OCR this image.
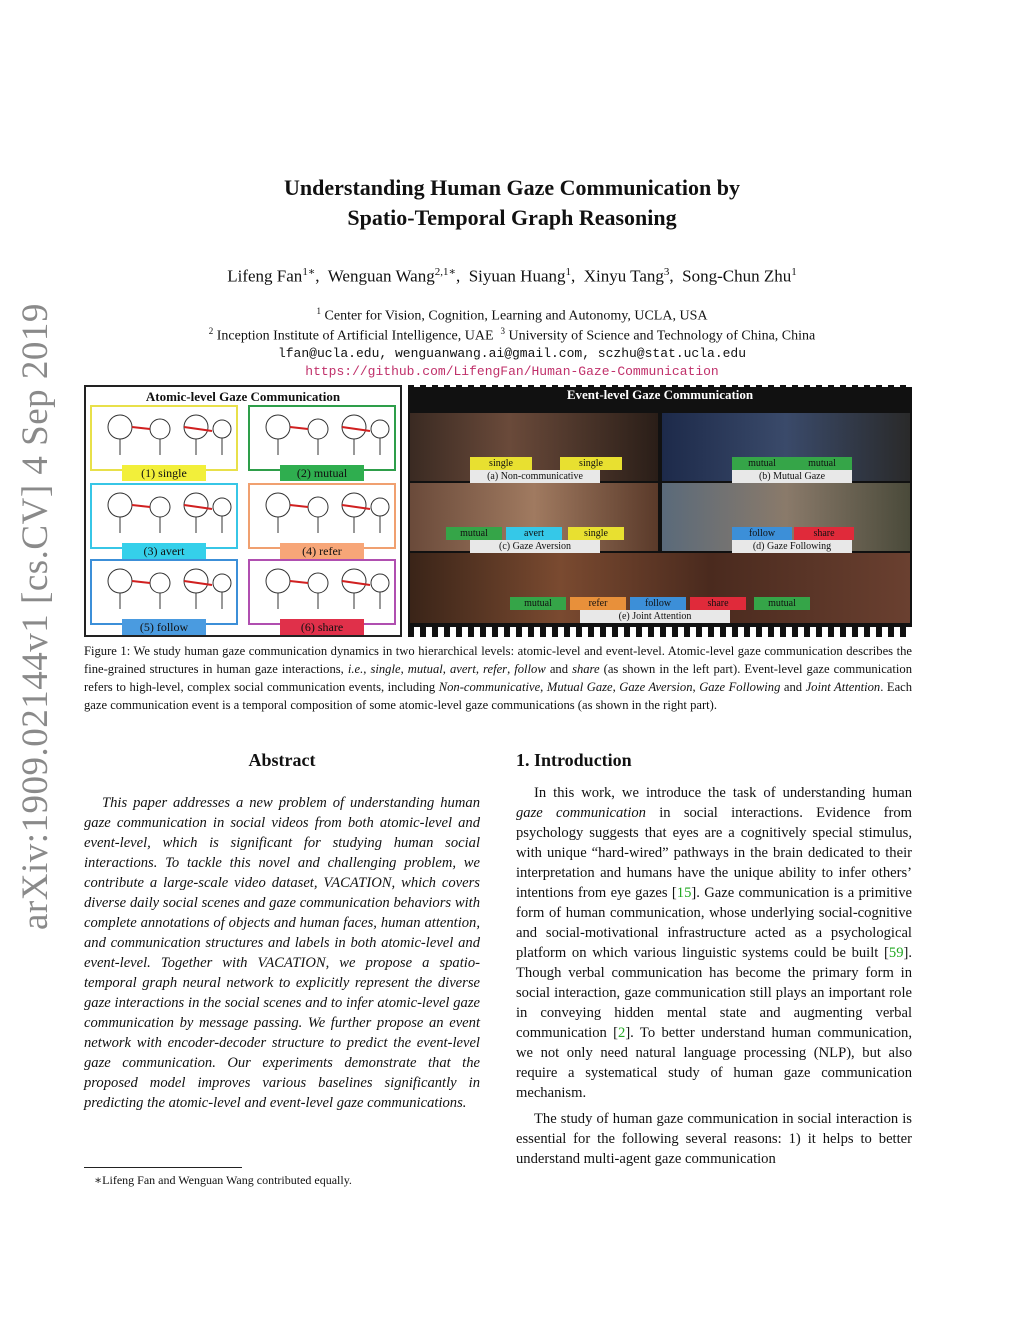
arXiv:1909.02144v1 [cs.CV] 4 Sep 2019
Understanding Human Gaze Communication by
Spatio-Temporal Graph Reasoning
Lifeng Fan$^{1∗}$,  Wenguan Wang$^{2,1∗}$,  Siyuan Huang$^1$,  Xinyu Tang$^3$,  Song-Chun Zhu$^1$
$^1$ Center for Vision, Cognition, Learning and Autonomy, UCLA, USA
$^2$ Inception Institute of Artificial Intelligence, UAE $^3$ University of Science and Technology of China, China
lfan@ucla.edu, wenguanwang.ai@gmail.com, sczhu@stat.ucla.edu
https://github.com/LifengFan/Human-Gaze-Communication
Atomic-level Gaze Communication
(1) single	(2) mutual
(3) avert	(4) refer
(5) follow	(6) share
Event-level Gaze Communication
single	single
(a) Non-communicative
mutual	mutual
(b) Mutual Gaze
mutual	avert	single
(c) Gaze Aversion
follow	share
(d) Gaze Following
mutual	refer	follow	share	mutual
(e) Joint Attention
Figure 1: We study human gaze communication dynamics in two hierarchical levels: atomic-level and event-level. Atomic-level gaze communication describes the fine-grained structures in human gaze interactions, i.e., single, mutual, avert, refer, follow and share (as shown in the left part). Event-level gaze communication refers to high-level, complex social communication events, including Non-communicative, Mutual Gaze, Gaze Aversion, Gaze Following and Joint Attention. Each gaze communication event is a temporal composition of some atomic-level gaze communications (as shown in the right part).
Abstract

This paper addresses a new problem of understanding human gaze communication in social videos from both atomic-level and event-level, which is significant for studying human social interactions. To tackle this novel and challenging problem, we contribute a large-scale video dataset, VACATION, which covers diverse daily social scenes and gaze communication behaviors with complete annotations of objects and human faces, human attention, and communication structures and labels in both atomic-level and event-level. Together with VACATION, we propose a spatio-temporal graph neural network to explicitly represent the diverse gaze interactions in the social scenes and to infer atomic-level gaze communication by message passing. We further propose an event network with encoder-decoder structure to predict the event-level gaze communication. Our experiments demonstrate that the proposed model improves various baselines significantly in predicting the atomic-level and event-level gaze communications.

∗Lifeng Fan and Wenguan Wang contributed equally.
1. Introduction

In this work, we introduce the task of understanding human gaze communication in social interactions. Evidence from psychology suggests that eyes are a cognitively special stimulus, with unique “hard-wired” pathways in the brain dedicated to their interpretation and humans have the unique ability to infer others’ intentions from eye gazes [15]. Gaze communication is a primitive form of human communication, whose underlying social-cognitive and social-motivational infrastructure acted as a psychological platform on which various linguistic systems could be built [59]. Though verbal communication has become the primary form in social interaction, gaze communication still plays an important role in conveying hidden mental state and augmenting verbal communication [2]. To better understand human communication, we not only need natural language processing (NLP), but also require a systematical study of human gaze communication mechanism.

The study of human gaze communication in social interaction is essential for the following several reasons: 1) it helps to better understand multi-agent gaze communication
